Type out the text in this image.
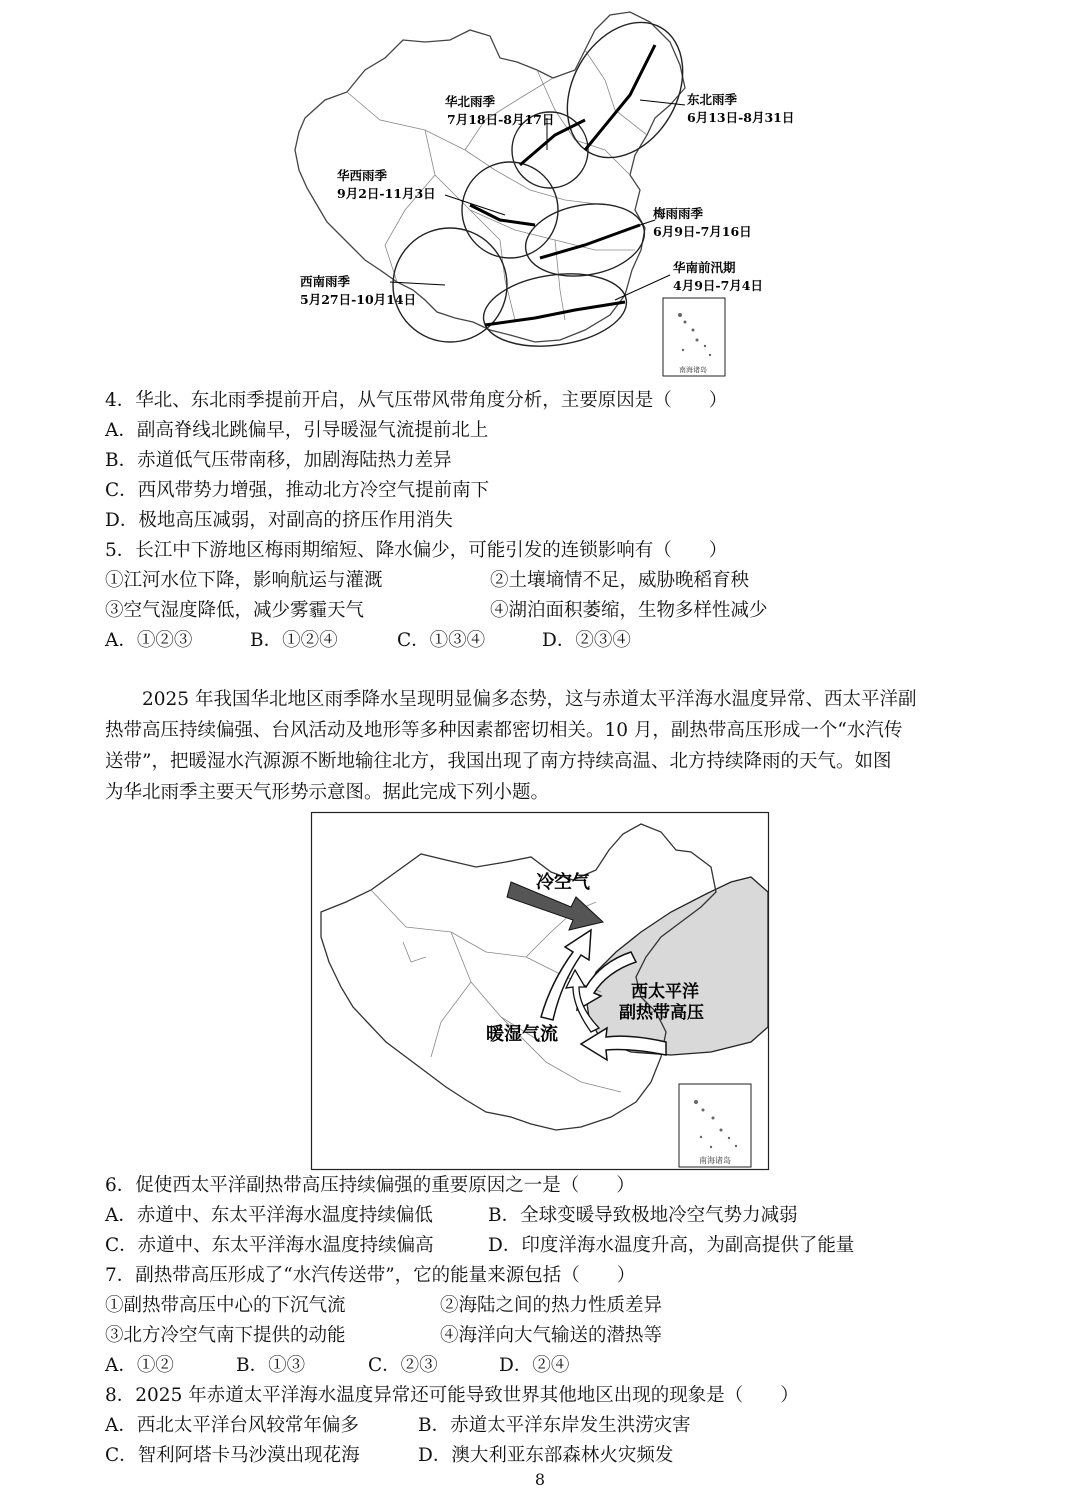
南海诸岛
华北雨季
7月18日-8月17日
东北雨季
6月13日-8月31日
华西雨季
9月2日-11月3日
梅雨雨季
6月9日-7月16日
西南雨季
5月27日-10月14日
华南前汛期
4月9日-7月4日
4．华北、东北雨季提前开启，从气压带风带角度分析，主要原因是（　　）
A．副高脊线北跳偏早，引导暖湿气流提前北上
B．赤道低气压带南移，加剧海陆热力差异
C．西风带势力增强，推动北方冷空气提前南下
D．极地高压减弱，对副高的挤压作用消失
5．长江中下游地区梅雨期缩短、降水偏少，可能引发的连锁影响有（　　）
①江河水位下降，影响航运与灌溉	②土壤墒情不足，威胁晚稻育秧
③空气湿度降低，减少雾霾天气	④湖泊面积萎缩，生物多样性减少
A．①②③	B．①②④	C．①③④	D．②③④
2025 年我国华北地区雨季降水呈现明显偏多态势，这与赤道太平洋海水温度异常、西太平洋副
热带高压持续偏强、台风活动及地形等多种因素都密切相关。10 月，副热带高压形成一个“水汽传
送带”，把暖湿水汽源源不断地输往北方，我国出现了南方持续高温、北方持续降雨的天气。如图
为华北雨季主要天气形势示意图。据此完成下列小题。
南海诸岛
冷空气
暖湿气流
西太平洋
副热带高压
6．促使西太平洋副热带高压持续偏强的重要原因之一是（　　）
A．赤道中、东太平洋海水温度持续偏低	B．全球变暖导致极地冷空气势力减弱
C．赤道中、东太平洋海水温度持续偏高	D．印度洋海水温度升高，为副高提供了能量
7．副热带高压形成了“水汽传送带”，它的能量来源包括（　　）
①副热带高压中心的下沉气流	②海陆之间的热力性质差异
③北方冷空气南下提供的动能	④海洋向大气输送的潜热等
A．①②	B．①③	C．②③	D．②④
8．2025 年赤道太平洋海水温度异常还可能导致世界其他地区出现的现象是（　　）
A．西北太平洋台风较常年偏多	B．赤道太平洋东岸发生洪涝灾害
C．智利阿塔卡马沙漠出现花海	D．澳大利亚东部森林火灾频发
8
